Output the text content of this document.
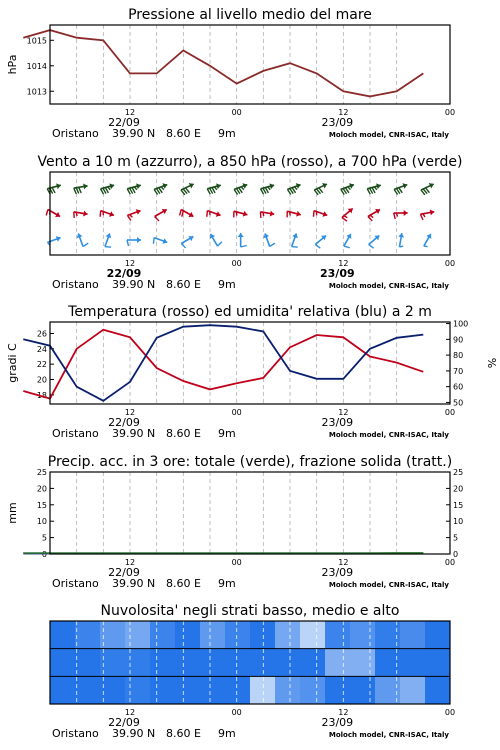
Pressione al livello medio del mare
1013
1014
1015
hPa
12	00	12	00
22/09	23/09
Oristano 39.90 N 8.60 E 9m	Moloch model, CNR-ISAC, Italy
Vento a 10 m (azzurro), a 850 hPa (rosso), a 700 hPa (verde)
12	00	12	00
22/09	23/09
Oristano 39.90 N 8.60 E 9m	Moloch model, CNR-ISAC, Italy
Temperatura (rosso) ed umidita' relativa (blu) a 2 m
18
20
22
24
26
50
60
70
80
90
100
gradi C	%
12	00	12	00
22/09	23/09
Oristano 39.90 N 8.60 E 9m	Moloch model, CNR-ISAC, Italy
Precip. acc. in 3 ore: totale (verde), frazione solida (tratt.)
0
5
10
15
20
25
0
5
10
15
20
25
mm
12	00	12	00
22/09	23/09
Oristano 39.90 N 8.60 E 9m	Moloch model, CNR-ISAC, Italy
Nuvolosita' negli strati basso, medio e alto
12	00	12	00
22/09	23/09
Oristano 39.90 N 8.60 E 9m	Moloch model, CNR-ISAC, Italy
